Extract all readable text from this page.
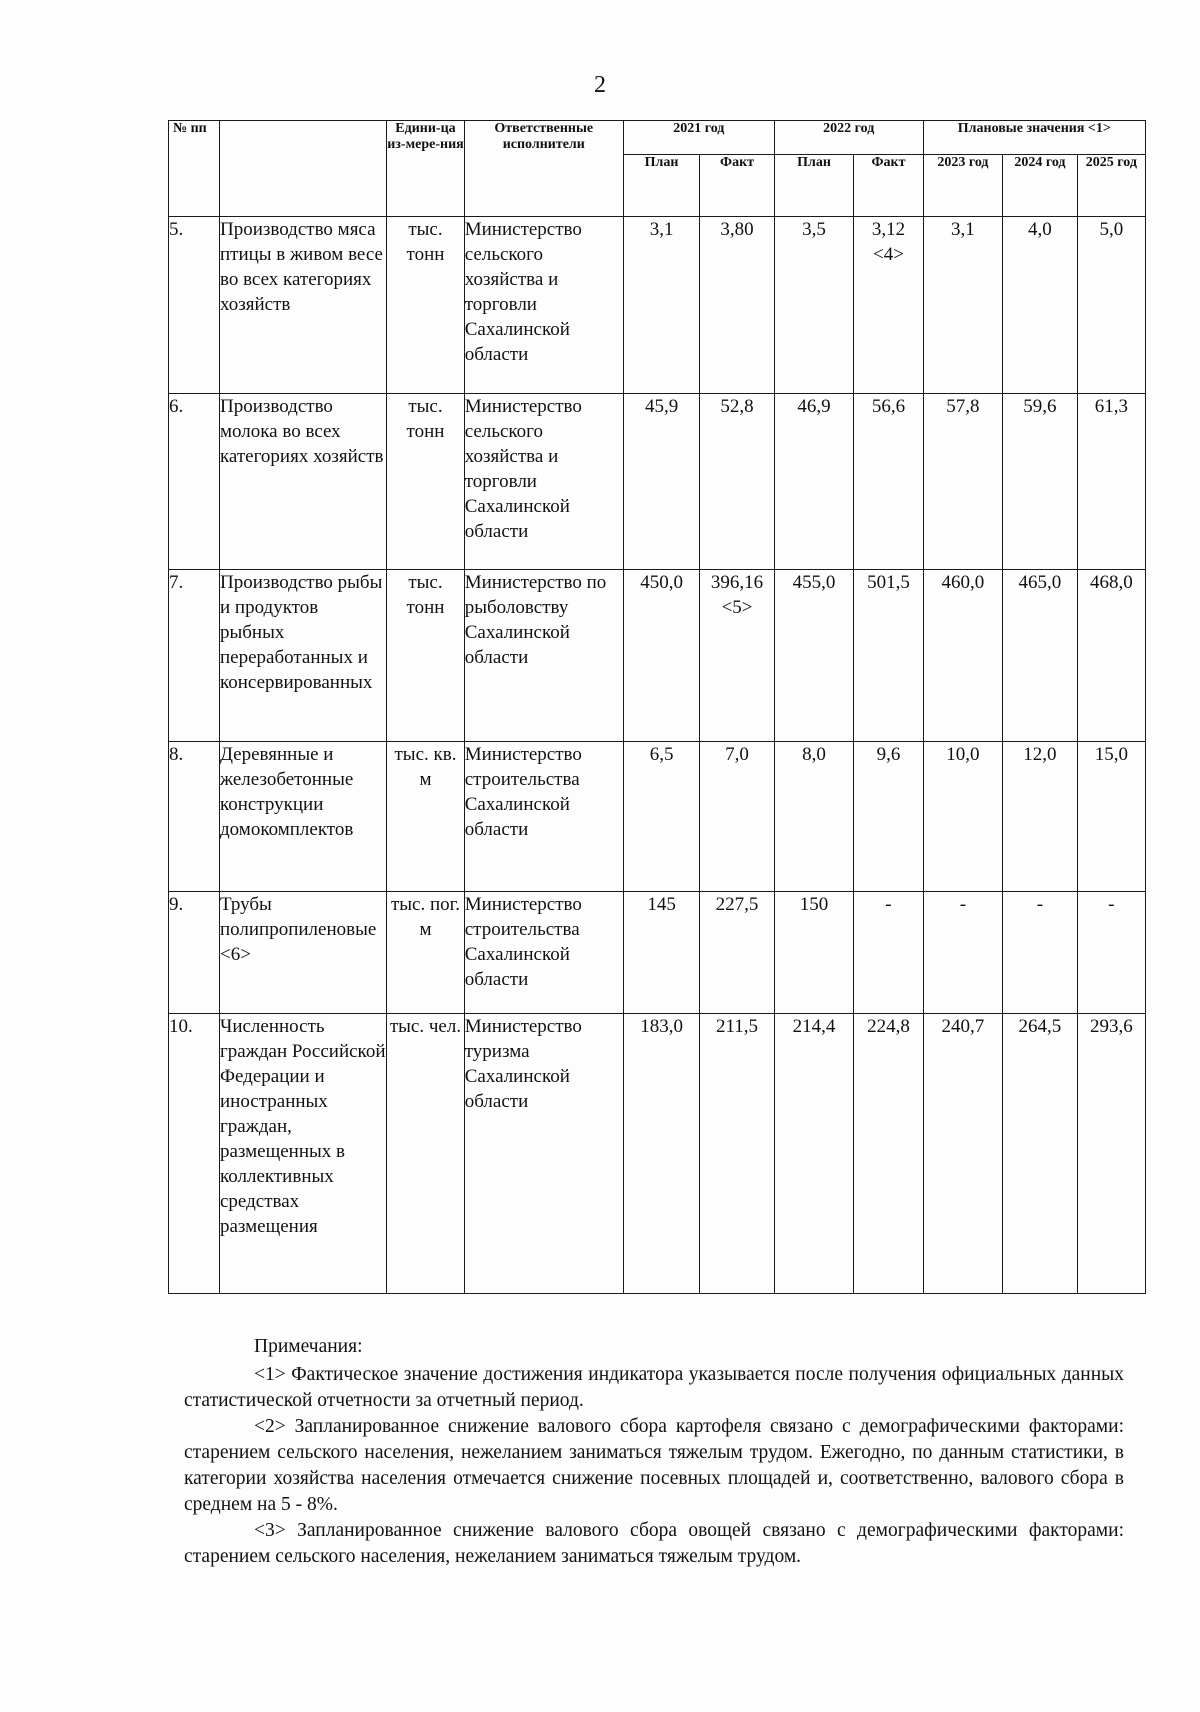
2
№ пп		Едини-ца из-мере-ния	Ответственные исполнители	2021 год		2022 год		Плановые значения <1>		
				План	Факт	План	Факт	2023 год	2024 год	2025 год
5.	Производство мяса птицы в живом весе во всех категориях хозяйств	тыс. тонн	Министерство сельского хозяйства и торговли Сахалинской области	3,1	3,80	3,5	3,12 <4>	3,1	4,0	5,0
6.	Производство молока во всех категориях хозяйств	тыс. тонн	Министерство сельского хозяйства и торговли Сахалинской области	45,9	52,8	46,9	56,6	57,8	59,6	61,3
7.	Производство рыбы и продуктов рыбных переработанных и консервированных	тыс. тонн	Министерство по рыболовству Сахалинской области	450,0	396,16 <5>	455,0	501,5	460,0	465,0	468,0
8.	Деревянные и железобетонные конструкции домокомплектов	тыс. кв. м	Министерство строительства Сахалинской области	6,5	7,0	8,0	9,6	10,0	12,0	15,0
9.	Трубы полипропиленовые <6>	тыс. пог. м	Министерство строительства Сахалинской области	145	227,5	150	-	-	-	-
10.	Численность граждан Российской Федерации и иностранных граждан, размещенных в коллективных средствах размещения	тыс. чел.	Министерство туризма Сахалинской области	183,0	211,5	214,4	224,8	240,7	264,5	293,6

Примечания:

<1> Фактическое значение достижения индикатора указывается после получения официальных данных статистической отчетности за отчетный период.

<2> Запланированное снижение валового сбора картофеля связано с демографическими факторами: старением сельского населения, нежеланием заниматься тяжелым трудом. Ежегодно, по данным статистики, в категории хозяйства населения отмечается снижение посевных площадей и, соответственно, валового сбора в среднем на 5 - 8%.

<3> Запланированное снижение валового сбора овощей связано с демографическими факторами: старением сельского населения, нежеланием заниматься тяжелым трудом.
